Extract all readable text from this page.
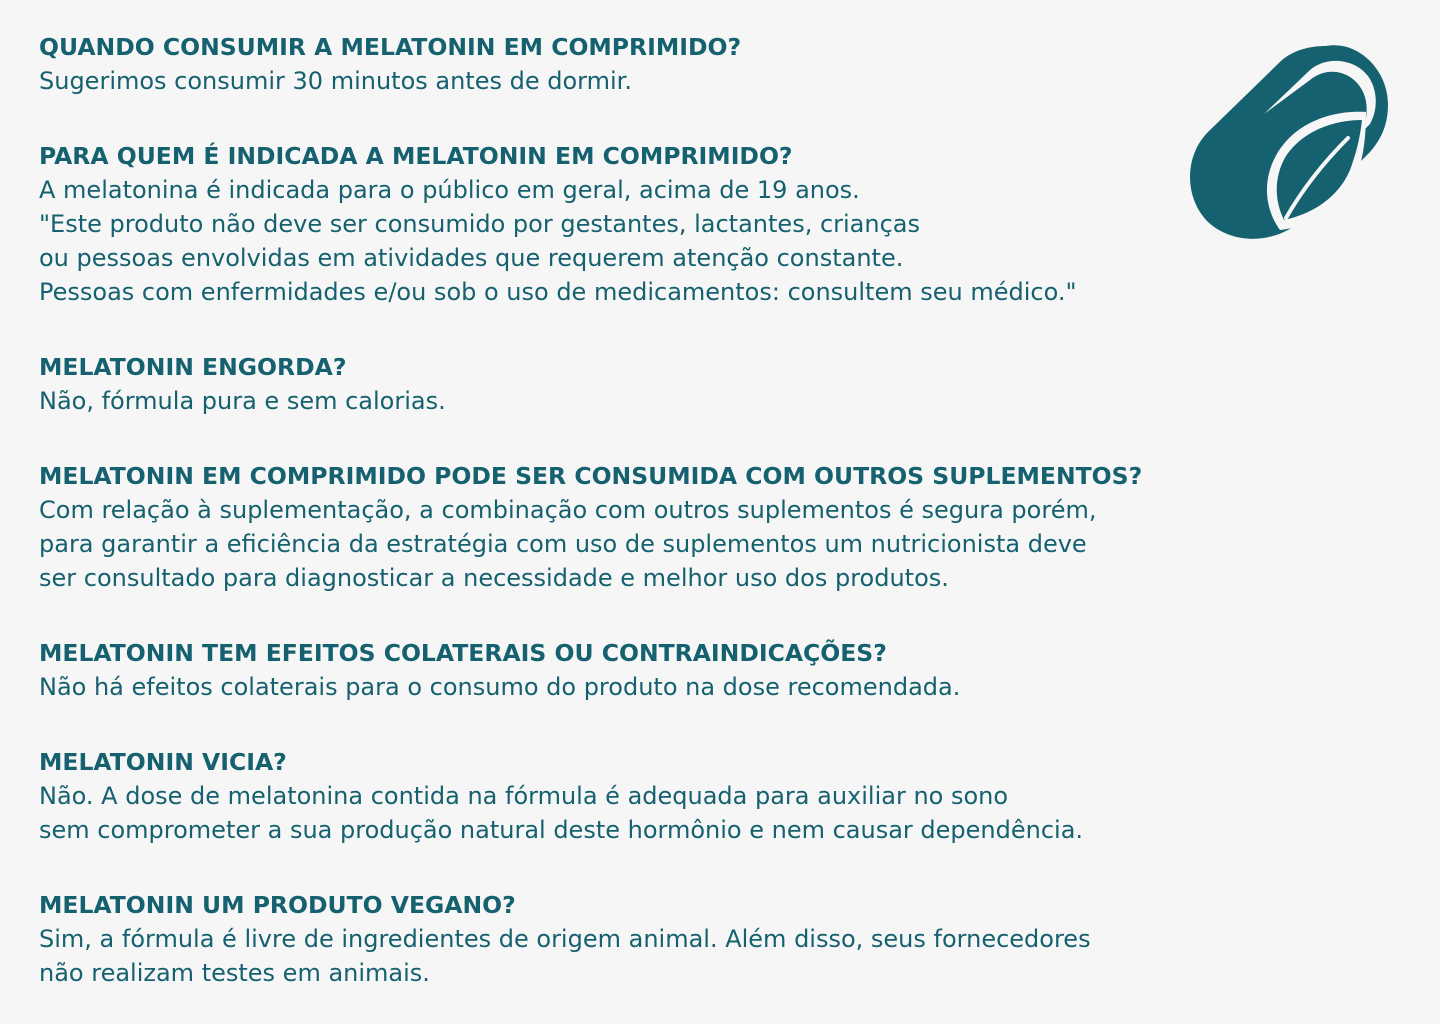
QUANDO CONSUMIR A MELATONIN EM COMPRIMIDO?
Sugerimos consumir 30 minutos antes de dormir.
PARA QUEM É INDICADA A MELATONIN EM COMPRIMIDO?
A melatonina é indicada para o público em geral, acima de 19 anos.
"Este produto não deve ser consumido por gestantes, lactantes, crianças
ou pessoas envolvidas em atividades que requerem atenção constante.
Pessoas com enfermidades e/ou sob o uso de medicamentos: consultem seu médico."
MELATONIN ENGORDA?
Não, fórmula pura e sem calorias.
MELATONIN EM COMPRIMIDO PODE SER CONSUMIDA COM OUTROS SUPLEMENTOS?
Com relação à suplementação, a combinação com outros suplementos é segura porém,
para garantir a eficiência da estratégia com uso de suplementos um nutricionista deve
ser consultado para diagnosticar a necessidade e melhor uso dos produtos.
MELATONIN TEM EFEITOS COLATERAIS OU CONTRAINDICAÇÕES?
Não há efeitos colaterais para o consumo do produto na dose recomendada.
MELATONIN VICIA?
Não. A dose de melatonina contida na fórmula é adequada para auxiliar no sono
sem comprometer a sua produção natural deste hormônio e nem causar dependência.
MELATONIN UM PRODUTO VEGANO?
Sim, a fórmula é livre de ingredientes de origem animal. Além disso, seus fornecedores
não realizam testes em animais.
